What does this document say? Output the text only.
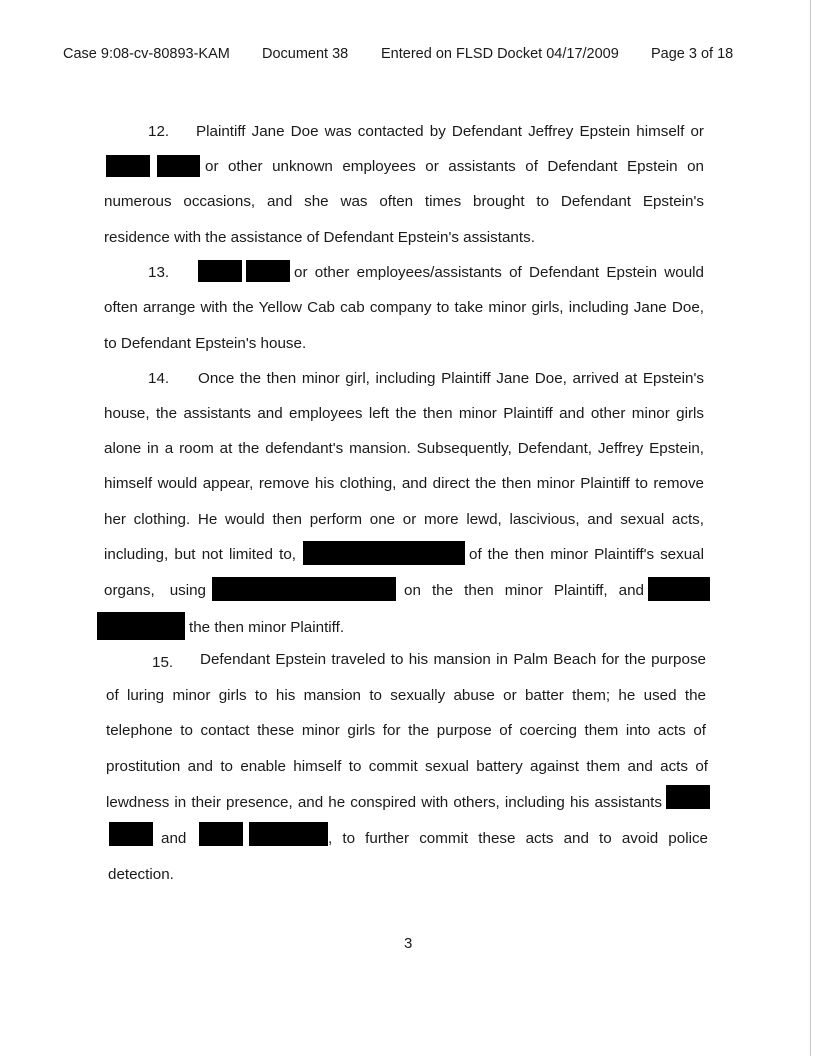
Case 9:08-cv-80893-KAM Document 38 Entered on FLSD Docket 04/17/2009 Page 3 of 18
12. Plaintiff Jane Doe was contacted by Defendant Jeffrey Epstein himself or
or other unknown employees or assistants of Defendant Epstein on
numerous occasions, and she was often times brought to Defendant Epstein's
residence with the assistance of Defendant Epstein's assistants.
13.	or other employees/assistants of Defendant Epstein would
often arrange with the Yellow Cab cab company to take minor girls, including Jane Doe,
to Defendant Epstein's house.
14. Once the then minor girl, including Plaintiff Jane Doe, arrived at Epstein's
house, the assistants and employees left the then minor Plaintiff and other minor girls
alone in a room at the defendant's mansion. Subsequently, Defendant, Jeffrey Epstein,
himself would appear, remove his clothing, and direct the then minor Plaintiff to remove
her clothing. He would then perform one or more lewd, lascivious, and sexual acts,
including, but not limited to,	of the then minor Plaintiff's sexual
organs, using	on the then minor Plaintiff, and
the then minor Plaintiff.
15. Defendant Epstein traveled to his mansion in Palm Beach for the purpose
of luring minor girls to his mansion to sexually abuse or batter them; he used the
telephone to contact these minor girls for the purpose of coercing them into acts of
prostitution and to enable himself to commit sexual battery against them and acts of
lewdness in their presence, and he conspired with others, including his assistants
and	, to further commit these acts and to avoid police
detection.
3
